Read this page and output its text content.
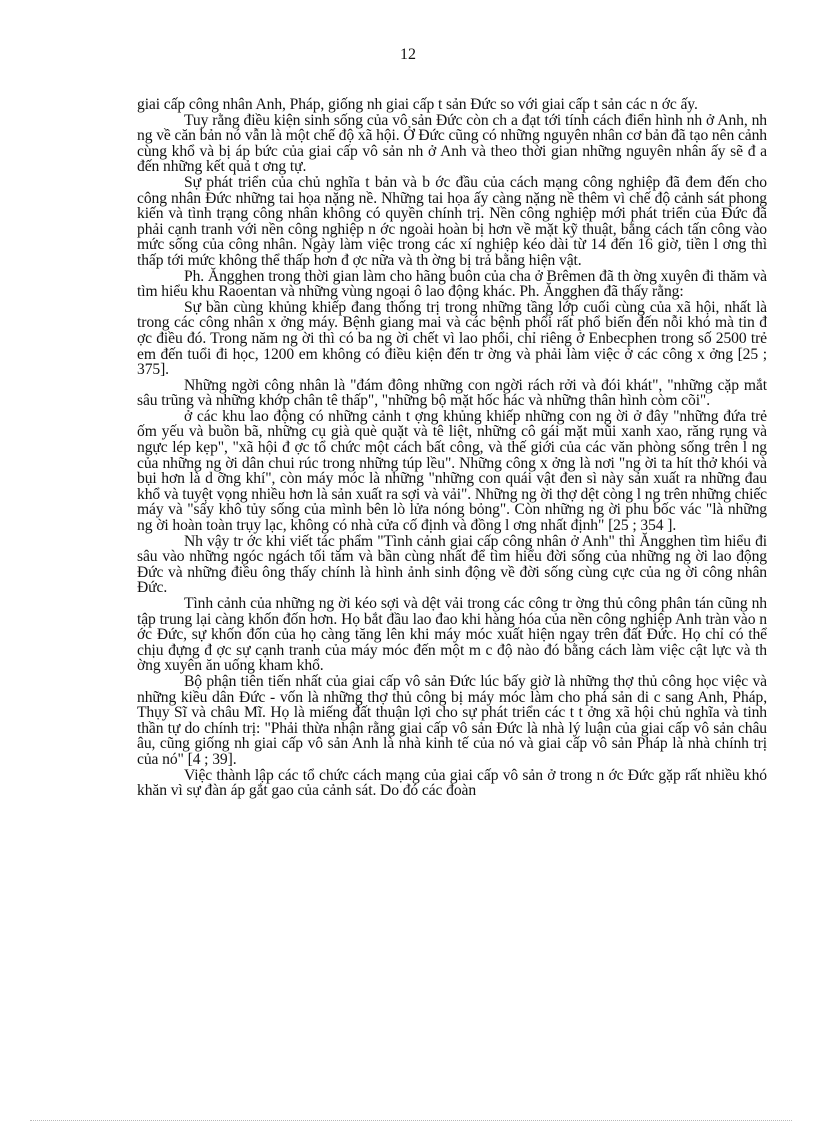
12

giai cấp công nhân Anh, Pháp, giống nh giai cấp t sản Đức so với giai cấp t sản các n ớc ấy.

Tuy rằng điều kiện sinh sống của vô sản Đức còn ch a đạt tới tính cách điển hình nh ở Anh, nh ng về căn bản nó vẫn là một chế độ xã hội. Ở Đức cũng có những nguyên nhân cơ bản đã tạo nên cảnh cùng khổ và bị áp bức của giai cấp vô sản nh ở Anh và theo thời gian những nguyên nhân ấy sẽ đ a đến những kết quả t ơng tự.

Sự phát triển của chủ nghĩa t bản và b ớc đầu của cách mạng công nghiệp đã đem đến cho công nhân Đức những tai họa nặng nề. Những tai họa ấy càng nặng nề thêm vì chế độ cảnh sát phong kiến và tình trạng công nhân không có quyền chính trị. Nền công nghiệp mới phát triển của Đức đã phải cạnh tranh với nền công nghiệp n ớc ngoài hoàn bị hơn về mặt kỹ thuật, bằng cách tấn công vào mức sống của công nhân. Ngày làm việc trong các xí nghiệp kéo dài từ 14 đến 16 giờ, tiền l ơng thì thấp tới mức không thể thấp hơn đ ợc nữa và th ờng bị trả bằng hiện vật.

Ph. Ăngghen trong thời gian làm cho hãng buôn của cha ở Brêmen đã th ờng xuyên đi thăm và tìm hiểu khu Raoentan và những vùng ngoại ô lao động khác. Ph. Ăngghen đã thấy rằng:

Sự bần cùng khủng khiếp đang thống trị trong những tầng lớp cuối cùng của xã hội, nhất là trong các công nhân x ởng máy. Bệnh giang mai và các bệnh phổi rất phổ biến đến nỗi khó mà tin đ ợc điều đó. Trong năm ng ời thì có ba ng ời chết vì lao phổi, chỉ riêng ở Enbecphen trong số 2500 trẻ em đến tuổi đi học, 1200 em không có điều kiện đến tr ờng và phải làm việc ở các công x ởng [25 ; 375].

Những ngời công nhân là "đám đông những con ngời rách rởi và đói khát", "những cặp mắt sâu trũng và những khớp chân tê thấp", "những bộ mặt hốc hác và những thân hình còm cõi".

ở các khu lao động có những cảnh t ợng khủng khiếp những con ng ời ở đây "những đứa trẻ ốm yếu và buồn bã, những cụ già què quặt và tê liệt, những cô gái mặt mũi xanh xao, răng rụng và ngực lép kẹp", "xã hội đ ợc tổ chức một cách bất công, và thế giới của các văn phòng sống trên l ng của những ng ời dân chui rúc trong những túp lều". Những công x ởng là nơi "ng ời ta hít thở khói và bụi hơn là d ỡng khí", còn máy móc là những "những con quái vật đen sì này sản xuất ra những đau khổ và tuyệt vọng nhiều hơn là sản xuất ra sợi và vải". Những ng ời thợ dệt còng l ng trên những chiếc máy và "sấy khô tủy sống của mình bên lò lửa nóng bỏng". Còn những ng ời phu bốc vác "là những ng ời hoàn toàn trụy lạc, không có nhà cửa cố định và đồng l ơng nhất định" [25 ; 354 ].

Nh vậy tr ớc khi viết tác phẩm "Tình cảnh giai cấp công nhân ở Anh" thì Ăngghen tìm hiểu đi sâu vào những ngóc ngách tối tăm và bần cùng nhất để tìm hiểu đời sống của những ng ời lao động Đức và những điều ông thấy chính là hình ảnh sinh động về đời sống cùng cực của ng ời công nhân Đức.

Tình cảnh của những ng ời kéo sợi và dệt vải trong các công tr ờng thủ công phân tán cũng nh tập trung lại càng khốn đốn hơn. Họ bắt đầu lao đao khi hàng hóa của nền công nghiệp Anh tràn vào n ớc Đức, sự khốn đốn của họ càng tăng lên khi máy móc xuất hiện ngay trên đất Đức. Họ chỉ có thể chịu đựng đ ợc sự cạnh tranh của máy móc đến một m c độ nào đó bằng cách làm việc cật lực và th ờng xuyên ăn uống kham khổ.

Bộ phận tiên tiến nhất của giai cấp vô sản Đức lúc bấy giờ là những thợ thủ công học việc và những kiều dân Đức - vốn là những thợ thủ công bị máy móc làm cho phá sản di c sang Anh, Pháp, Thụy Sĩ và châu Mĩ. Họ là miếng đất thuận lợi cho sự phát triển các t t ởng xã hội chủ nghĩa và tinh thần tự do chính trị: "Phải thừa nhận rằng giai cấp vô sản Đức là nhà lý luận của giai cấp vô sản châu âu, cũng giống nh giai cấp vô sản Anh là nhà kinh tế của nó và giai cấp vô sản Pháp là nhà chính trị của nó" [4 ; 39].

Việc thành lập các tổ chức cách mạng của giai cấp vô sản ở trong n ớc Đức gặp rất nhiều khó khăn vì sự đàn áp gắt gao của cảnh sát. Do đó các đoàn
